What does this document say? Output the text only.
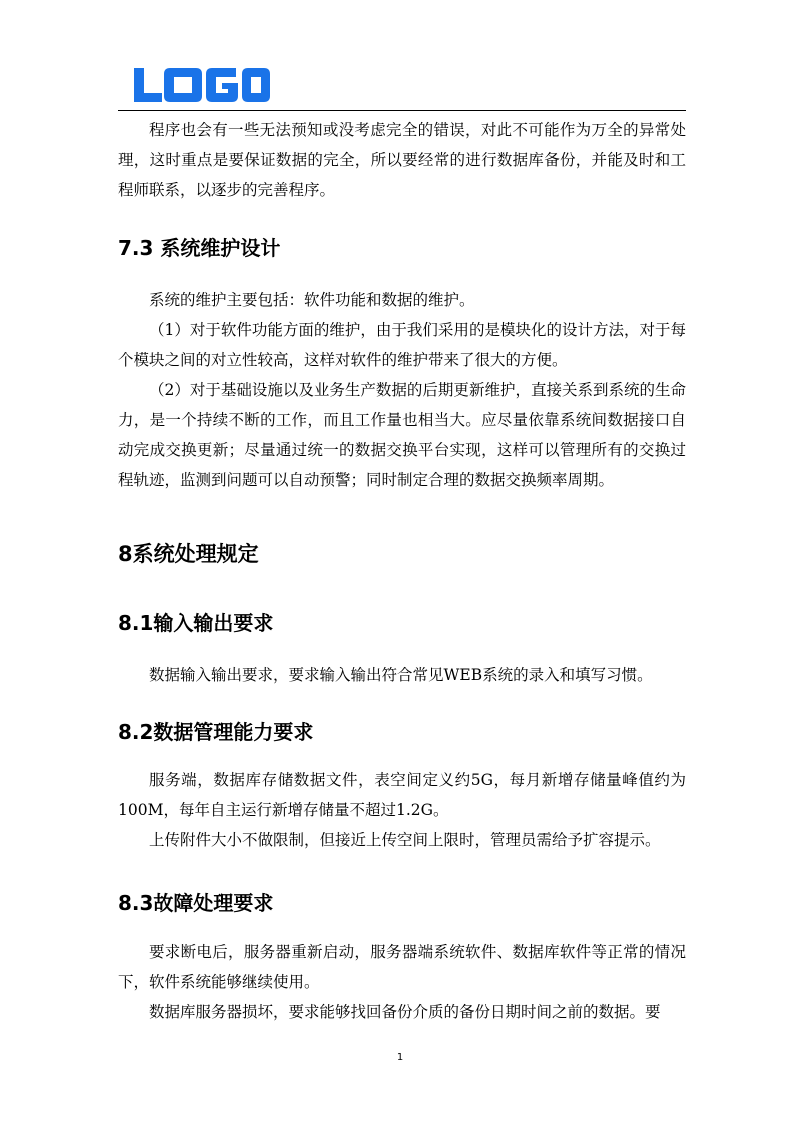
程序也会有一些无法预知或没考虑完全的错误，对此不可能作为万全的异常处理，这时重点是要保证数据的完全，所以要经常的进行数据库备份，并能及时和工程师联系，以逐步的完善程序。

7.3 系统维护设计

系统的维护主要包括：软件功能和数据的维护。

（1）对于软件功能方面的维护，由于我们采用的是模块化的设计方法，对于每个模块之间的对立性较高，这样对软件的维护带来了很大的方便。

（2）对于基础设施以及业务生产数据的后期更新维护，直接关系到系统的生命力，是一个持续不断的工作，而且工作量也相当大。应尽量依靠系统间数据接口自动完成交换更新；尽量通过统一的数据交换平台实现，这样可以管理所有的交换过程轨迹，监测到问题可以自动预警；同时制定合理的数据交换频率周期。

8系统处理规定
8.1输入输出要求

数据输入输出要求，要求输入输出符合常见WEB系统的录入和填写习惯。

8.2数据管理能力要求

服务端，数据库存储数据文件，表空间定义约5G，每月新增存储量峰值约为100M，每年自主运行新增存储量不超过1.2G。

上传附件大小不做限制，但接近上传空间上限时，管理员需给予扩容提示。

8.3故障处理要求

要求断电后，服务器重新启动，服务器端系统软件、数据库软件等正常的情况下，软件系统能够继续使用。

数据库服务器损坏，要求能够找回备份介质的备份日期时间之前的数据。要

1
